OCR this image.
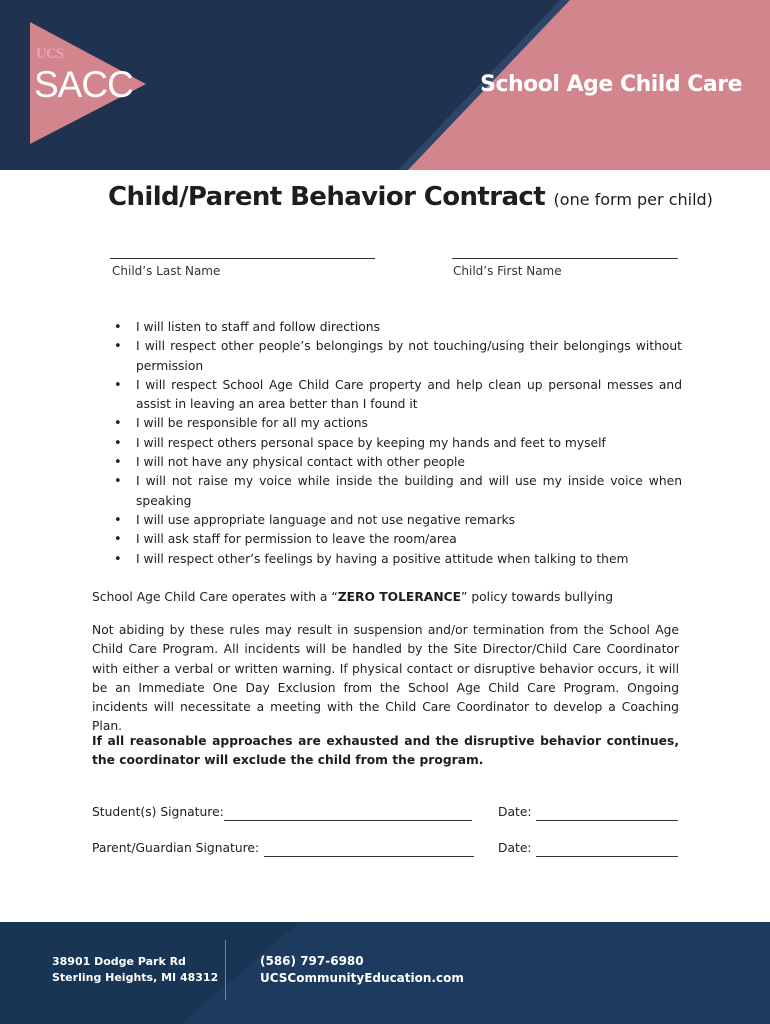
UCS
SACC	School Age Child Care
Child/Parent Behavior Contract (one form per child)
Child’s Last Name	Child’s First Name
• I will listen to staff and follow directions
• I will respect other people’s belongings by not touching/using their belongings without permission
• I will respect School Age Child Care property and help clean up personal messes and assist in leaving an area better than I found it
• I will be responsible for all my actions
• I will respect others personal space by keeping my hands and feet to myself
• I will not have any physical contact with other people
• I will not raise my voice while inside the building and will use my inside voice when speaking
• I will use appropriate language and not use negative remarks
• I will ask staff for permission to leave the room/area
• I will respect other’s feelings by having a positive attitude when talking to them

School Age Child Care operates with a “ZERO TOLERANCE” policy towards bullying

Not abiding by these rules may result in suspension and/or termination from the School Age Child Care Program. All incidents will be handled by the Site Director/Child Care Coordinator with either a verbal or written warning. If physical contact or disruptive behavior occurs, it will be an Immediate One Day Exclusion from the School Age Child Care Program. Ongoing incidents will necessitate a meeting with the Child Care Coordinator to develop a Coaching Plan.

If all reasonable approaches are exhausted and the disruptive behavior continues, the coordinator will exclude the child from the program.

Student(s) Signature:	Date:
Parent/Guardian Signature:	Date:
38901 Dodge Park Rd
Sterling Heights, MI 48312
(586) 797-6980
UCSCommunityEducation.com
